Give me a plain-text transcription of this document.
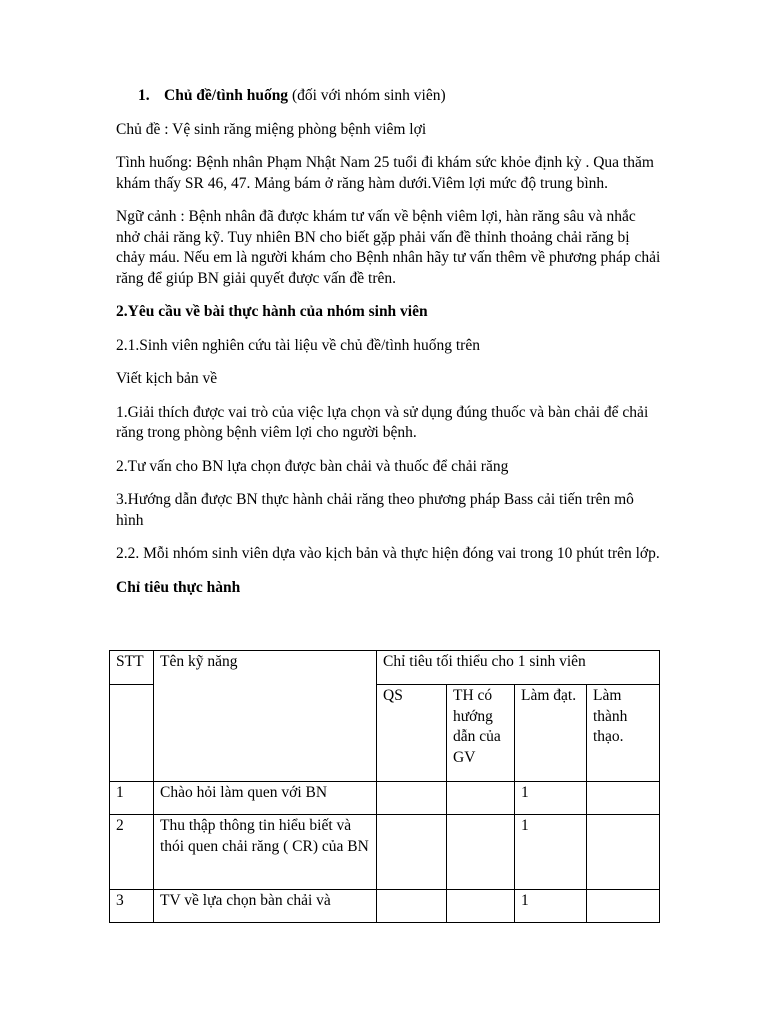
1. Chủ đề/tình huống (đối với nhóm sinh viên)

Chủ đề : Vệ sinh răng miệng phòng bệnh viêm lợi

Tình huống: Bệnh nhân Phạm Nhật Nam 25 tuổi đi khám sức khỏe định kỳ . Qua thăm khám thấy SR 46, 47. Mảng bám ở răng hàm dưới.Viêm lợi mức độ trung bình.

Ngữ cảnh : Bệnh nhân đã được khám tư vấn về bệnh viêm lợi, hàn răng sâu và nhắc nhở chải răng kỹ. Tuy nhiên BN cho biết gặp phải vấn đề thỉnh thoảng chải răng bị chảy máu. Nếu em là người khám cho Bệnh nhân hãy tư vấn thêm về phương pháp chải răng để giúp BN giải quyết được vấn đề trên.

2.Yêu cầu về bài thực hành của nhóm sinh viên

2.1.Sinh viên nghiên cứu tài liệu về chủ đề/tình huống trên

Viết kịch bản về

1.Giải thích được vai trò của việc lựa chọn và sử dụng đúng thuốc và bàn chải để chải răng trong phòng bệnh viêm lợi cho người bệnh.

2.Tư vấn cho BN lựa chọn được bàn chải và thuốc để chải răng

3.Hướng dẫn được BN thực hành chải răng theo phương pháp Bass cải tiến trên mô hình

2.2. Mỗi nhóm sinh viên dựa vào kịch bản và thực hiện đóng vai trong 10 phút trên lớp.

Chỉ tiêu thực hành

STT	Tên kỹ năng	Chỉ tiêu tối thiểu cho 1 sinh viên			
		QS	TH có hướng dẫn của GV	Làm đạt.	Làm thành thạo.
1	Chào hỏi làm quen với BN			1	
2	Thu thập thông tin hiểu biết và thói quen chải răng ( CR) của BN			1	
3	TV về lựa chọn bàn chải và			1	
